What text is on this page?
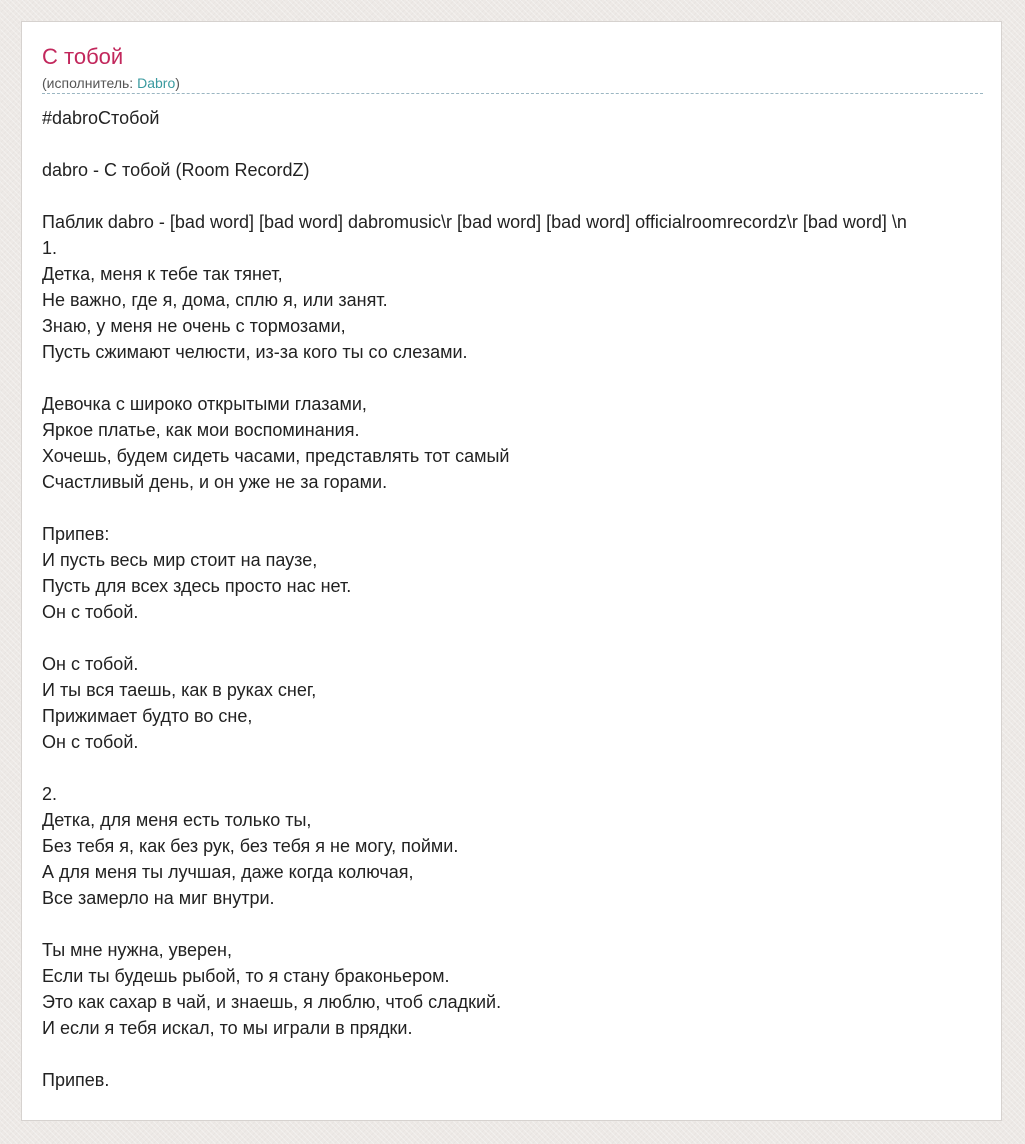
С тобой
(исполнитель: Dabro)
#dabroCтобой
dabro - С тобой (Room RecordZ)
Паблик dabro - [bad word] [bad word] dabromusic\r [bad word] [bad word] officialroomrecordz\r [bad word] \n
1.
Детка, меня к тебе так тянет,
Не важно, где я, дома, сплю я, или занят.
Знаю, у меня не очень с тормозами,
Пусть сжимают челюсти, из-за кого ты со слезами.
Девочка с широко открытыми глазами,
Яркое платье, как мои воспоминания.
Хочешь, будем сидеть часами, представлять тот самый
Счастливый день, и он уже не за горами.
Припев:
И пусть весь мир стоит на паузе,
Пусть для всех здесь просто нас нет.
Он с тобой.
Он с тобой.
И ты вся таешь, как в руках снег,
Прижимает будто во сне,
Он с тобой.
2.
Детка, для меня есть только ты,
Без тебя я, как без рук, без тебя я не могу, пойми.
А для меня ты лучшая, даже когда колючая,
Все замерло на миг внутри.
Ты мне нужна, уверен,
Если ты будешь рыбой, то я стану браконьером.
Это как сахар в чай, и знаешь, я люблю, чтоб сладкий.
И если я тебя искал, то мы играли в прядки.
Припев.
